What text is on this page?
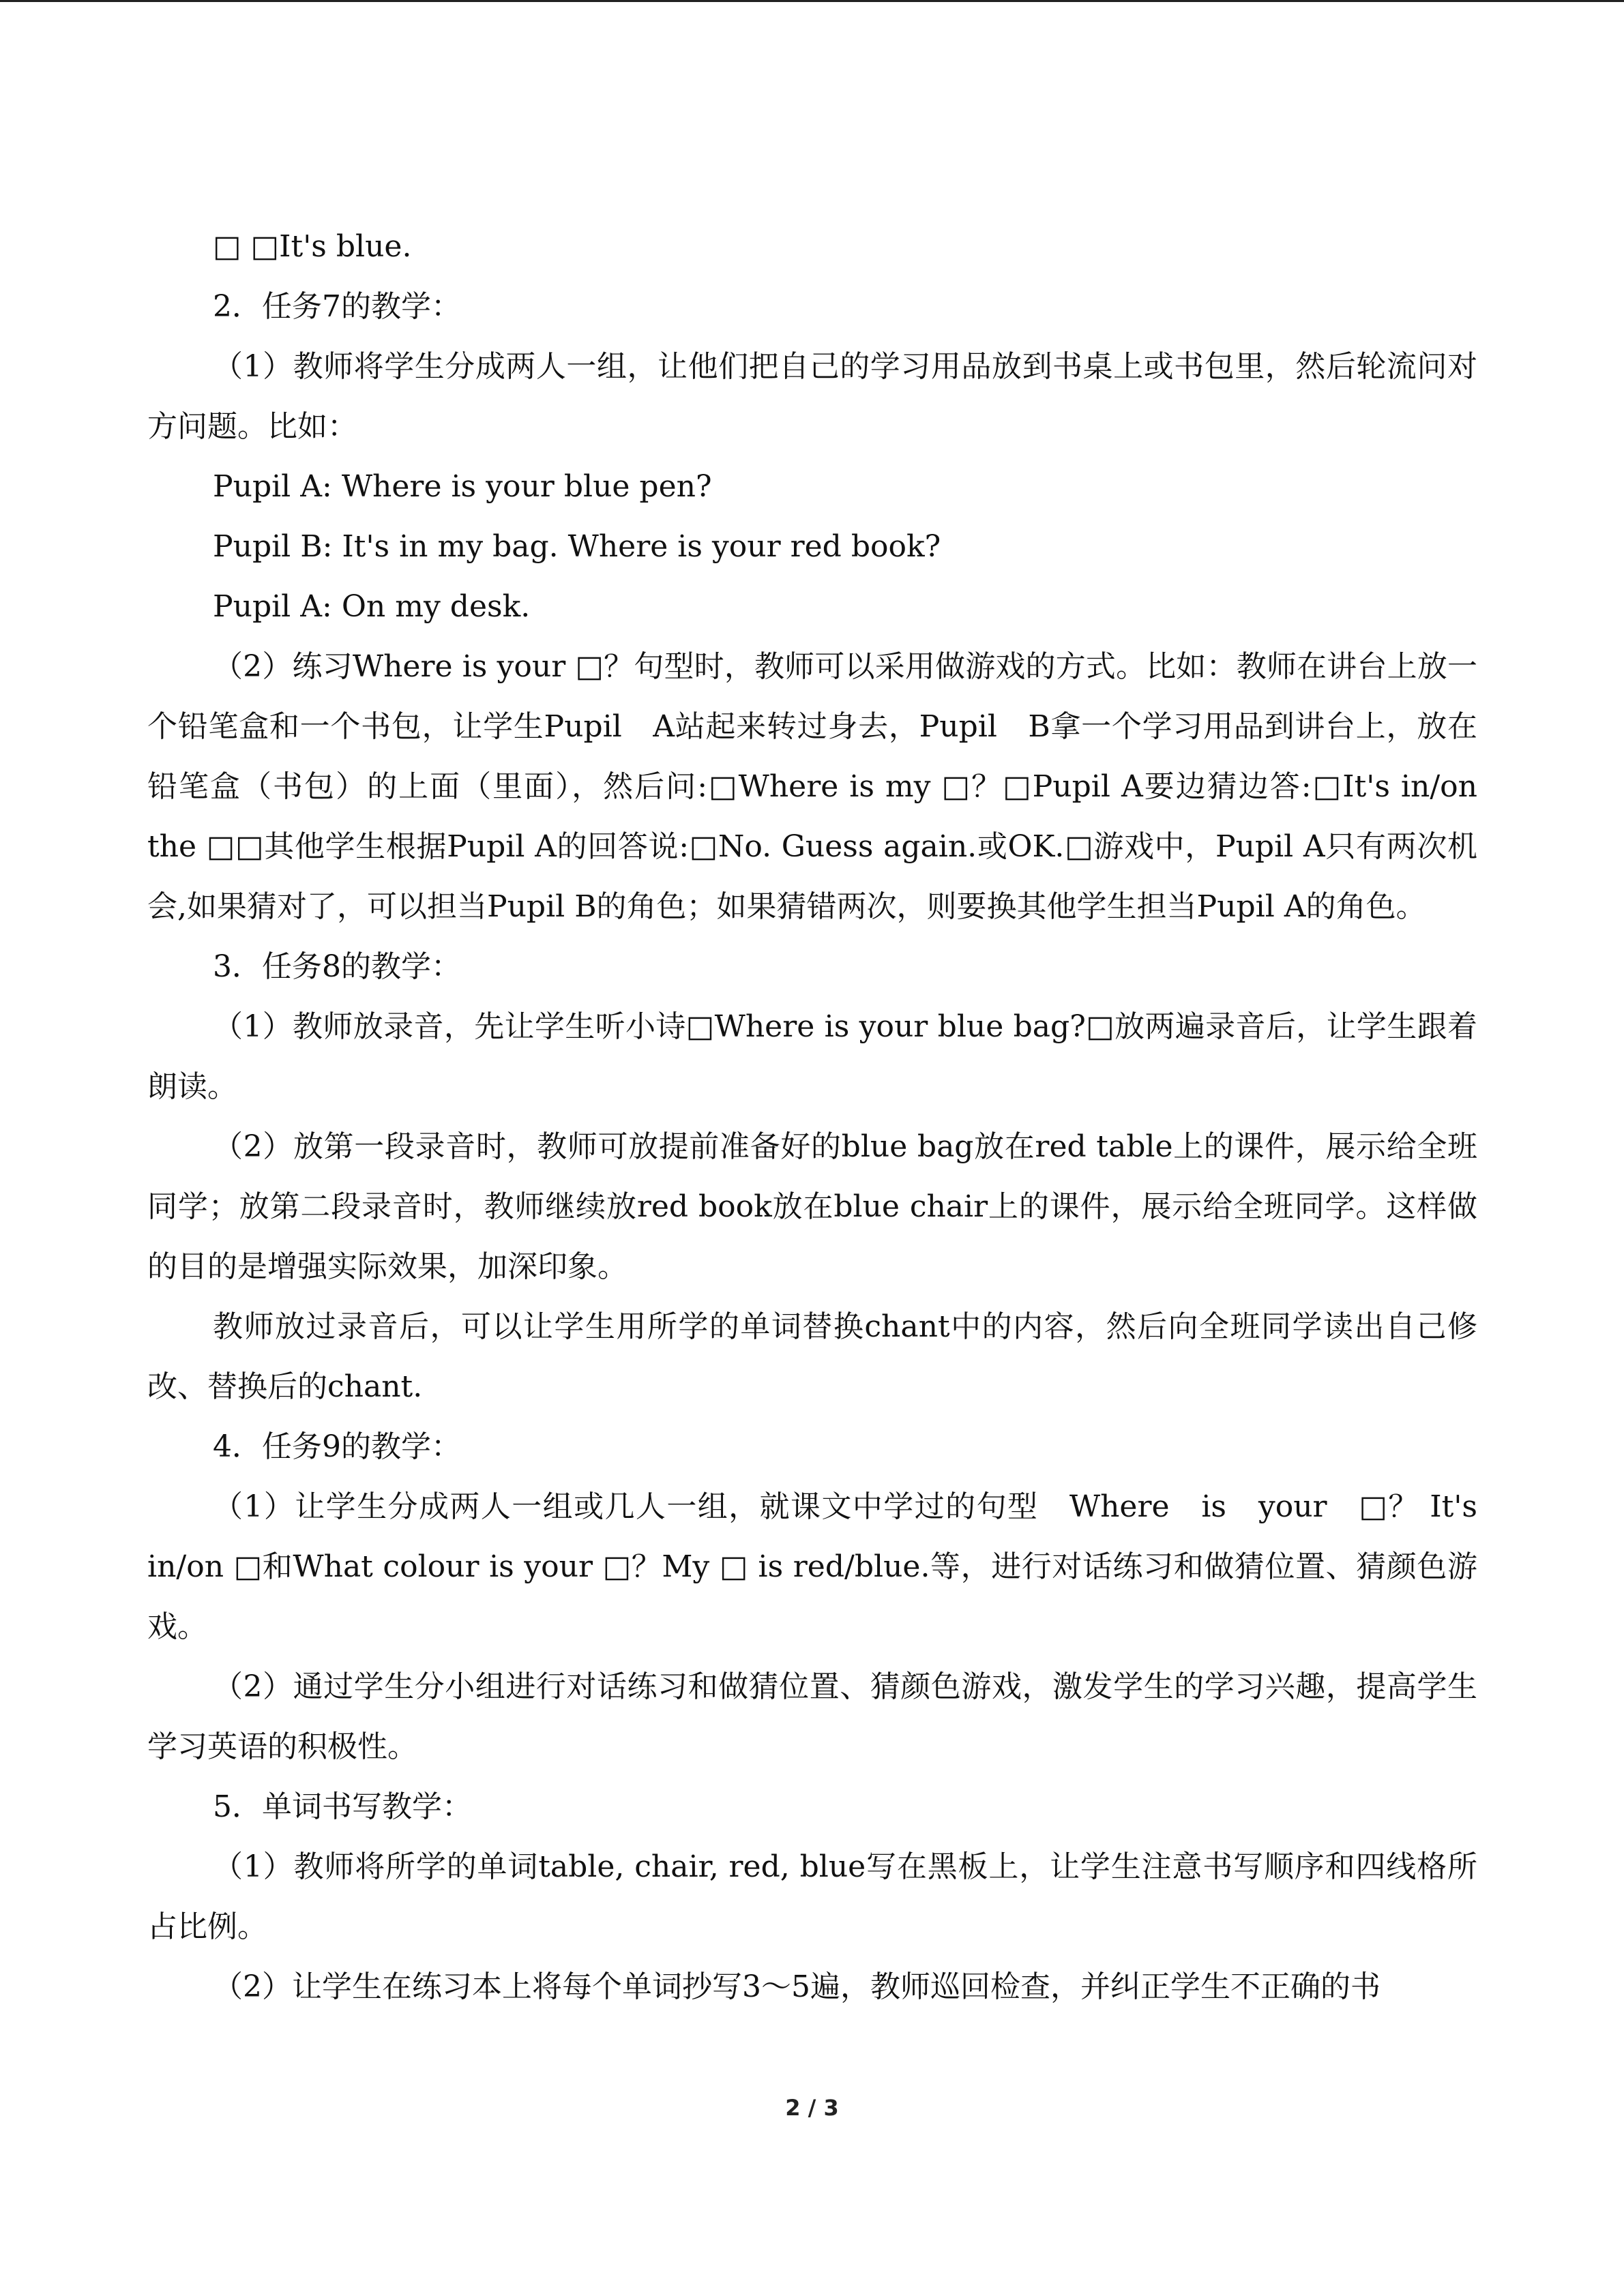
□ □It's blue.

2．任务7的教学：

（1）教师将学生分成两人一组，让他们把自己的学习用品放到书桌上或书包里，然后轮流问对方问题。比如：

Pupil A: Where is your blue pen?

Pupil B: It's in my bag. Where is your red book?

Pupil A: On my desk.

（2）练习Where is your □？句型时，教师可以采用做游戏的方式。比如：教师在讲台上放一个铅笔盒和一个书包，让学生Pupil　A站起来转过身去，Pupil　B拿一个学习用品到讲台上，放在铅笔盒（书包）的上面（里面），然后问:□Where is my □？□Pupil A要边猜边答:□It's in/on the □□其他学生根据Pupil A的回答说:□No. Guess again.或OK.□游戏中，Pupil A只有两次机会,如果猜对了，可以担当Pupil B的角色；如果猜错两次，则要换其他学生担当Pupil A的角色。

3．任务8的教学：

（1）教师放录音，先让学生听小诗□Where is your blue bag?□放两遍录音后，让学生跟着朗读。

（2）放第一段录音时，教师可放提前准备好的blue bag放在red table上的课件，展示给全班同学；放第二段录音时，教师继续放red book放在blue chair上的课件，展示给全班同学。这样做的目的是增强实际效果，加深印象。

教师放过录音后，可以让学生用所学的单词替换chant中的内容，然后向全班同学读出自己修改、替换后的chant.

4．任务9的教学：

（1）让学生分成两人一组或几人一组，就课文中学过的句型　Where　is　your　□？ It's in/on □和What colour is your □？My □ is red/blue.等，进行对话练习和做猜位置、猜颜色游戏。

（2）通过学生分小组进行对话练习和做猜位置、猜颜色游戏，激发学生的学习兴趣，提高学生学习英语的积极性。

5．单词书写教学：

（1）教师将所学的单词table, chair, red, blue写在黑板上，让学生注意书写顺序和四线格所占比例。

（2）让学生在练习本上将每个单词抄写3～5遍，教师巡回检查，并纠正学生不正确的书

2 / 3
